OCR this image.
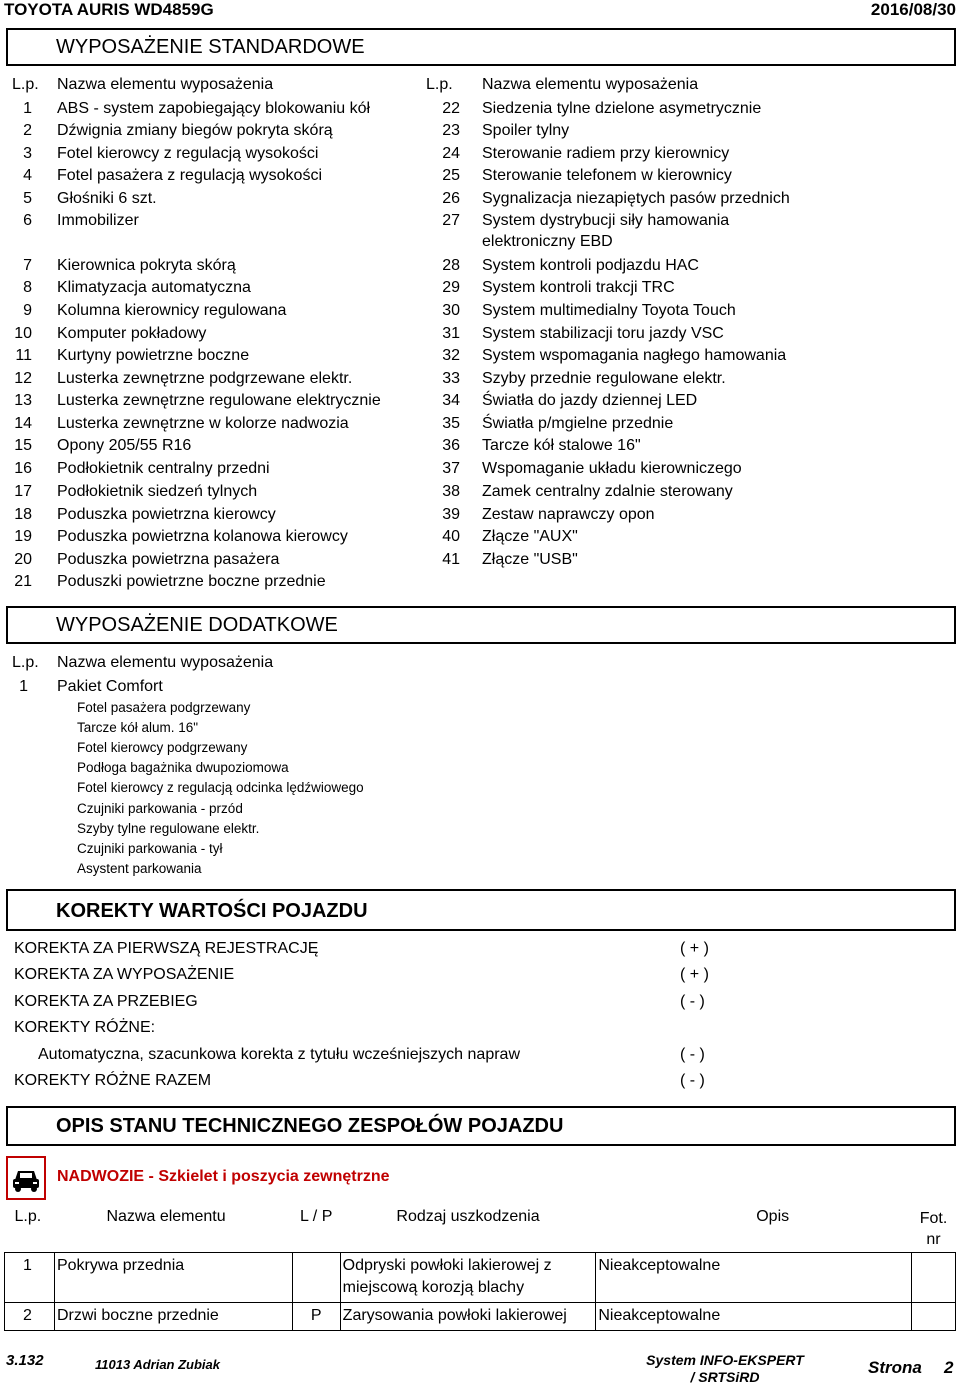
TOYOTA AURIS WD4859G	2016/08/30
WYPOSAŻENIE STANDARDOWE
L.p. Nazwa elementu wyposażenia	L.p. Nazwa elementu wyposażenia
1 ABS - system zapobiegający blokowaniu kół
2 Dźwignia zmiany biegów pokryta skórą
3 Fotel kierowcy z regulacją wysokości
4 Fotel pasażera z regulacją wysokości
5 Głośniki 6 szt.
6 Immobilizer
7 Kierownica pokryta skórą
8 Klimatyzacja automatyczna
9 Kolumna kierownicy regulowana
10 Komputer pokładowy
11 Kurtyny powietrzne boczne
12 Lusterka zewnętrzne podgrzewane elektr.
13 Lusterka zewnętrzne regulowane elektrycznie
14 Lusterka zewnętrzne w kolorze nadwozia
15 Opony 205/55 R16
16 Podłokietnik centralny przedni
17 Podłokietnik siedzeń tylnych
18 Poduszka powietrzna kierowcy
19 Poduszka powietrzna kolanowa kierowcy
20 Poduszka powietrzna pasażera
21 Poduszki powietrzne boczne przednie
22 Siedzenia tylne dzielone asymetrycznie
23 Spoiler tylny
24 Sterowanie radiem przy kierownicy
25 Sterowanie telefonem w kierownicy
26 Sygnalizacja niezapiętych pasów przednich
27 System dystrybucji siły hamowania
elektroniczny EBD
28 System kontroli podjazdu HAC
29 System kontroli trakcji TRC
30 System multimedialny Toyota Touch
31 System stabilizacji toru jazdy VSC
32 System wspomagania nagłego hamowania
33 Szyby przednie regulowane elektr.
34 Światła do jazdy dziennej LED
35 Światła p/mgielne przednie
36 Tarcze kół stalowe 16"
37 Wspomaganie układu kierowniczego
38 Zamek centralny zdalnie sterowany
39 Zestaw naprawczy opon
40 Złącze "AUX"
41 Złącze "USB"
WYPOSAŻENIE DODATKOWE
L.p. Nazwa elementu wyposażenia
1 Pakiet Comfort
Fotel pasażera podgrzewany
Tarcze kół alum. 16"
Fotel kierowcy podgrzewany
Podłoga bagażnika dwupoziomowa
Fotel kierowcy z regulacją odcinka lędźwiowego
Czujniki parkowania - przód
Szyby tylne regulowane elektr.
Czujniki parkowania - tył
Asystent parkowania
KOREKTY WARTOŚCI POJAZDU
KOREKTA ZA PIERWSZĄ REJESTRACJĘ	( + )
KOREKTA ZA WYPOSAŻENIE	( + )
KOREKTA ZA PRZEBIEG	( - )
KOREKTY RÓŻNE:
Automatyczna, szacunkowa korekta z tytułu wcześniejszych napraw	( - )
KOREKTY RÓŻNE RAZEM	( - )
OPIS STANU TECHNICZNEGO ZESPOŁÓW POJAZDU
NADWOZIE - Szkielet i poszycia zewnętrzne
L.p.	Nazwa elementu	L / P	Rodzaj uszkodzenia	Opis	Fot.
nr
1	Pokrywa przednia		Odpryski powłoki lakierowej z miejscową korozją blachy	Nieakceptowalne	
2	Drzwi boczne przednie	P	Zarysowania powłoki lakierowej	Nieakceptowalne	
3.132	11013 Adrian Zubiak	System INFO-EKSPERT
/ SRTSiRD	Strona 2
